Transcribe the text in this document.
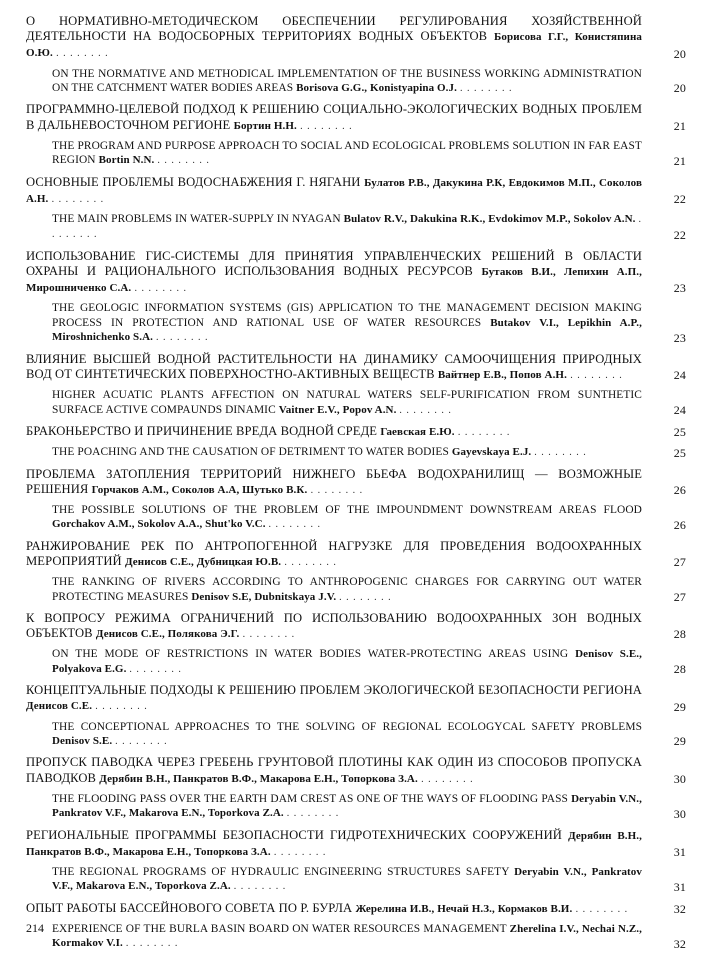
О НОРМАТИВНО-МЕТОДИЧЕСКОМ ОБЕСПЕЧЕНИИ РЕГУЛИРОВАНИЯ ХОЗЯЙСТВЕННОЙ ДЕЯТЕЛЬНОСТИ НА ВОДОСБОРНЫХ ТЕРРИТОРИЯХ ВОДНЫХ ОБЪЕКТОВ Борисова Г.Г., Конистяпина О.Ю. . . . . . . . .	20
ON THE NORMATIVE AND METHODICAL IMPLEMENTATION OF THE BUSINESS WORKING ADMINISTRATION ON THE CATCHMENT WATER BODIES AREAS Borisova G.G., Konistyapina O.J. . . . . . . . .	20
ПРОГРАММНО-ЦЕЛЕВОЙ ПОДХОД К РЕШЕНИЮ СОЦИАЛЬНО-ЭКОЛОГИЧЕСКИХ ВОДНЫХ ПРОБЛЕМ В ДАЛЬНЕВОСТОЧНОМ РЕГИОНЕ Бортин Н.Н. . . . . . . . .	21
THE PROGRAM AND PURPOSE APPROACH TO SOCIAL AND ECOLOGICAL PROBLEMS SOLUTION IN FAR EAST REGION Bortin N.N. . . . . . . . .	21
ОСНОВНЫЕ ПРОБЛЕМЫ ВОДОСНАБЖЕНИЯ Г. НЯГАНИ Булатов Р.В., Дакукина Р.К, Евдокимов М.П., Соколов А.Н. . . . . . . . .	22
THE MAIN PROBLEMS IN WATER-SUPPLY IN NYAGAN Bulatov R.V., Dakukina R.K., Evdokimov M.P., Sokolov A.N. . . . . . . . .	22
ИСПОЛЬЗОВАНИЕ ГИС-СИСТЕМЫ ДЛЯ ПРИНЯТИЯ УПРАВЛЕНЧЕСКИХ РЕШЕНИЙ В ОБЛАСТИ ОХРАНЫ И РАЦИОНАЛЬНОГО ИСПОЛЬЗОВАНИЯ ВОДНЫХ РЕСУРСОВ Бутаков В.И., Лепихин А.П., Мирошниченко С.А. . . . . . . . .	23
THE GEOLOGIC INFORMATION SYSTEMS (GIS) APPLICATION TO THE MANAGEMENT DECISION MAKING PROCESS IN PROTECTION AND RATIONAL USE OF WATER RESOURCES Butakov V.I., Lepikhin A.P., Miroshnichenko S.A. . . . . . . . .	23
ВЛИЯНИЕ ВЫСШЕЙ ВОДНОЙ РАСТИТЕЛЬНОСТИ НА ДИНАМИКУ САМООЧИЩЕНИЯ ПРИРОДНЫХ ВОД ОТ СИНТЕТИЧЕСКИХ ПОВЕРХНОСТНО-АКТИВНЫХ ВЕЩЕСТВ Вайтнер Е.В., Попов А.Н. . . . . . . . .	24
HIGHER ACUATIC PLANTS AFFECTION ON NATURAL WATERS SELF-PURIFICATION FROM SUNTHETIC SURFACE ACTIVE COMPAUNDS DINAMIC Vaitner E.V., Popov A.N. . . . . . . . .	24
БРАКОНЬЕРСТВО И ПРИЧИНЕНИЕ ВРЕДА ВОДНОЙ СРЕДЕ Гаевская Е.Ю. . . . . . . . .	25
THE POACHING AND THE CAUSATION OF DETRIMENT TO WATER BODIES Gayevskaya E.J. . . . . . . . .	25
ПРОБЛЕМА ЗАТОПЛЕНИЯ ТЕРРИТОРИЙ НИЖНЕГО БЬЕФА ВОДОХРАНИЛИЩ — ВОЗМОЖНЫЕ РЕШЕНИЯ Горчаков А.М., Соколов А.А, Шутько В.К. . . . . . . . .	26
THE POSSIBLE SOLUTIONS OF THE PROBLEM OF THE IMPOUNDMENT DOWNSTREAM AREAS FLOOD Gorchakov A.M., Sokolov A.A., Shut'ko V.C. . . . . . . . .	26
РАНЖИРОВАНИЕ РЕК ПО АНТРОПОГЕННОЙ НАГРУЗКЕ ДЛЯ ПРОВЕДЕНИЯ ВОДООХРАННЫХ МЕРОПРИЯТИЙ Денисов С.Е., Дубницкая Ю.В. . . . . . . . .	27
THE RANKING OF RIVERS ACCORDING TO ANTHROPOGENIC CHARGES FOR CARRYING OUT WATER PROTECTING MEASURES Denisov S.E, Dubnitskaya J.V. . . . . . . . .	27
К ВОПРОСУ РЕЖИМА ОГРАНИЧЕНИЙ ПО ИСПОЛЬЗОВАНИЮ ВОДООХРАННЫХ ЗОН ВОДНЫХ ОБЪЕКТОВ Денисов С.Е., Полякова Э.Г. . . . . . . . .	28
ON THE MODE OF RESTRICTIONS IN WATER BODIES WATER-PROTECTING AREAS USING Denisov S.E., Polyakova E.G. . . . . . . . .	28
КОНЦЕПТУАЛЬНЫЕ ПОДХОДЫ К РЕШЕНИЮ ПРОБЛЕМ ЭКОЛОГИЧЕСКОЙ БЕЗОПАСНОСТИ РЕГИОНА Денисов С.Е. . . . . . . . .	29
THE CONCEPTIONAL APPROACHES TO THE SOLVING OF REGIONAL ECOLOGYCAL SAFETY PROBLEMS Denisov S.E. . . . . . . . .	29
ПРОПУСК ПАВОДКА ЧЕРЕЗ ГРЕБЕНЬ ГРУНТОВОЙ ПЛОТИНЫ КАК ОДИН ИЗ СПОСОБОВ ПРОПУСКА ПАВОДКОВ Дерябин В.Н., Панкратов В.Ф., Макарова Е.Н., Топоркова З.А. . . . . . . . .	30
THE FLOODING PASS OVER THE EARTH DAM CREST AS ONE OF THE WAYS OF FLOODING PASS Deryabin V.N., Pankratov V.F., Makarova E.N., Toporkova Z.A. . . . . . . . .	30
РЕГИОНАЛЬНЫЕ ПРОГРАММЫ БЕЗОПАСНОСТИ ГИДРОТЕХНИЧЕСКИХ СООРУЖЕНИЙ Дерябин В.Н., Панкратов В.Ф., Макарова Е.Н., Топоркова З.А. . . . . . . . .	31
THE REGIONAL PROGRAMS OF HYDRAULIC ENGINEERING STRUCTURES SAFETY Deryabin V.N., Pankratov V.F., Makarova E.N., Toporkova Z.A. . . . . . . . .	31
ОПЫТ РАБОТЫ БАССЕЙНОВОГО СОВЕТА ПО Р. БУРЛА Жерелина И.В., Нечай Н.З., Кормаков В.И. . . . . . . . .	32
EXPERIENCE OF THE BURLA BASIN BOARD ON WATER RESOURCES MANAGEMENT Zherelina I.V., Nechai N.Z., Kormakov V.I. . . . . . . . .	32
214
